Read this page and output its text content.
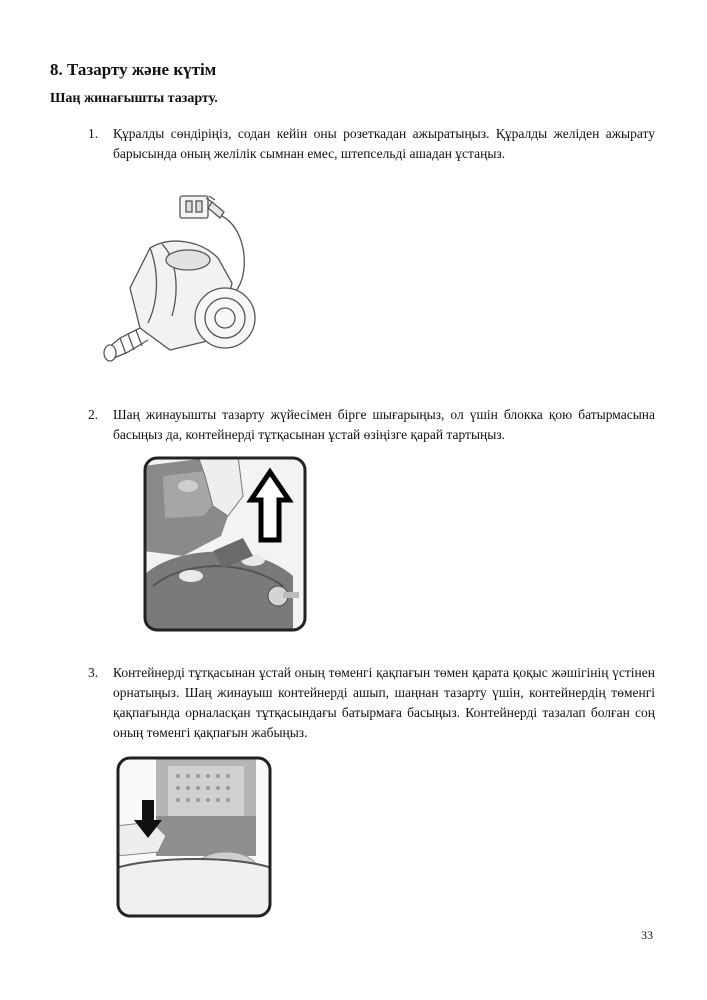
8. Тазарту және күтім
Шаң жинағышты тазарту.
1. Құралды сөндіріңіз, содан кейін оны розеткадан ажыратыңыз. Құралды желіден ажырату барысында оның желілік сымнан емес, штепсельді ашадан ұстаңыз.
2. Шаң жинауышты тазарту жүйесімен бірге шығарыңыз, ол үшін блокка қою батырмасына басыңыз да, контейнерді тұтқасынан ұстай өзіңізге қарай тартыңыз.
3. Контейнерді тұтқасынан ұстай оның төменгі қақпағын төмен қарата қоқыс жәшігінің үстінен орнатыңыз. Шаң жинауыш контейнерді ашып, шаңнан тазарту үшін, контейнердің төменгі қақпағында орналасқан тұтқасындағы батырмаға басыңыз. Контейнерді тазалап болған соң оның төменгі қақпағын жабыңыз.
33
